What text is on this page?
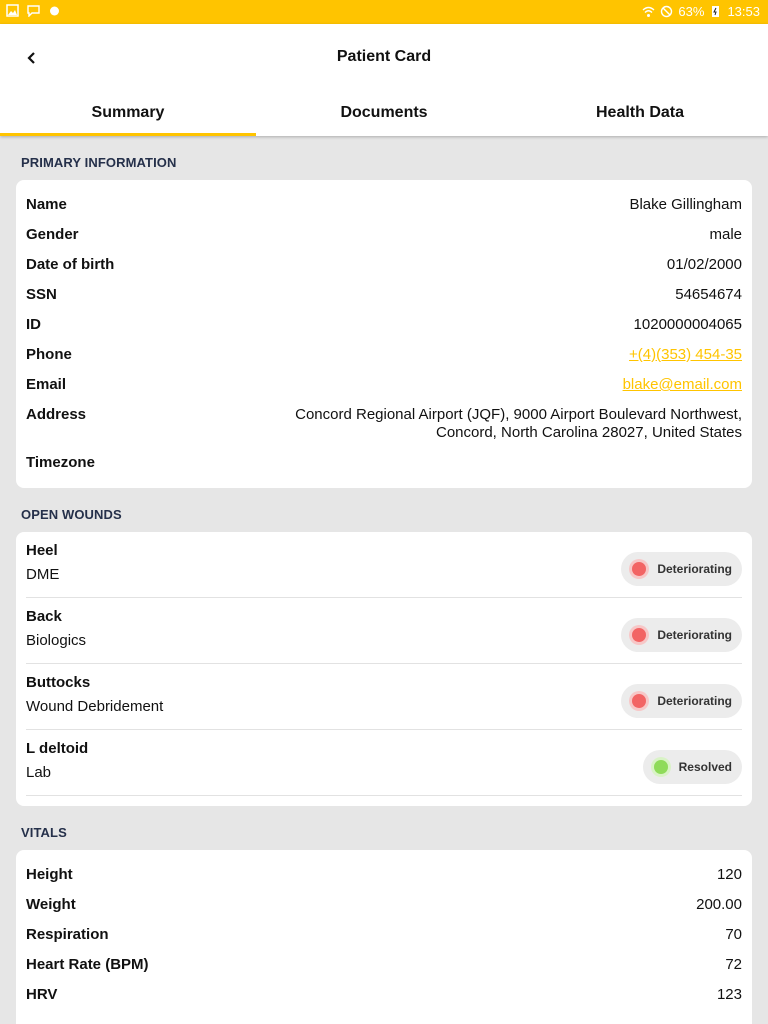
63% 13:53
Patient Card
Summary	Documents	Health Data
PRIMARY INFORMATION
Name	Blake Gillingham
Gender	male
Date of birth	01/02/2000
SSN	54654674
ID	1020000004065
Phone	+(4)(353) 454-35
Email	blake@email.com
Address	Concord Regional Airport (JQF), 9000 Airport Boulevard Northwest, Concord, North Carolina 28027, United States
Timezone
OPEN WOUNDS
Heel
DME	Deteriorating
Back
Biologics	Deteriorating
Buttocks
Wound Debridement	Deteriorating
L deltoid
Lab	Resolved
VITALS
Height	120
Weight	200.00
Respiration	70
Heart Rate (BPM)	72
HRV	123
